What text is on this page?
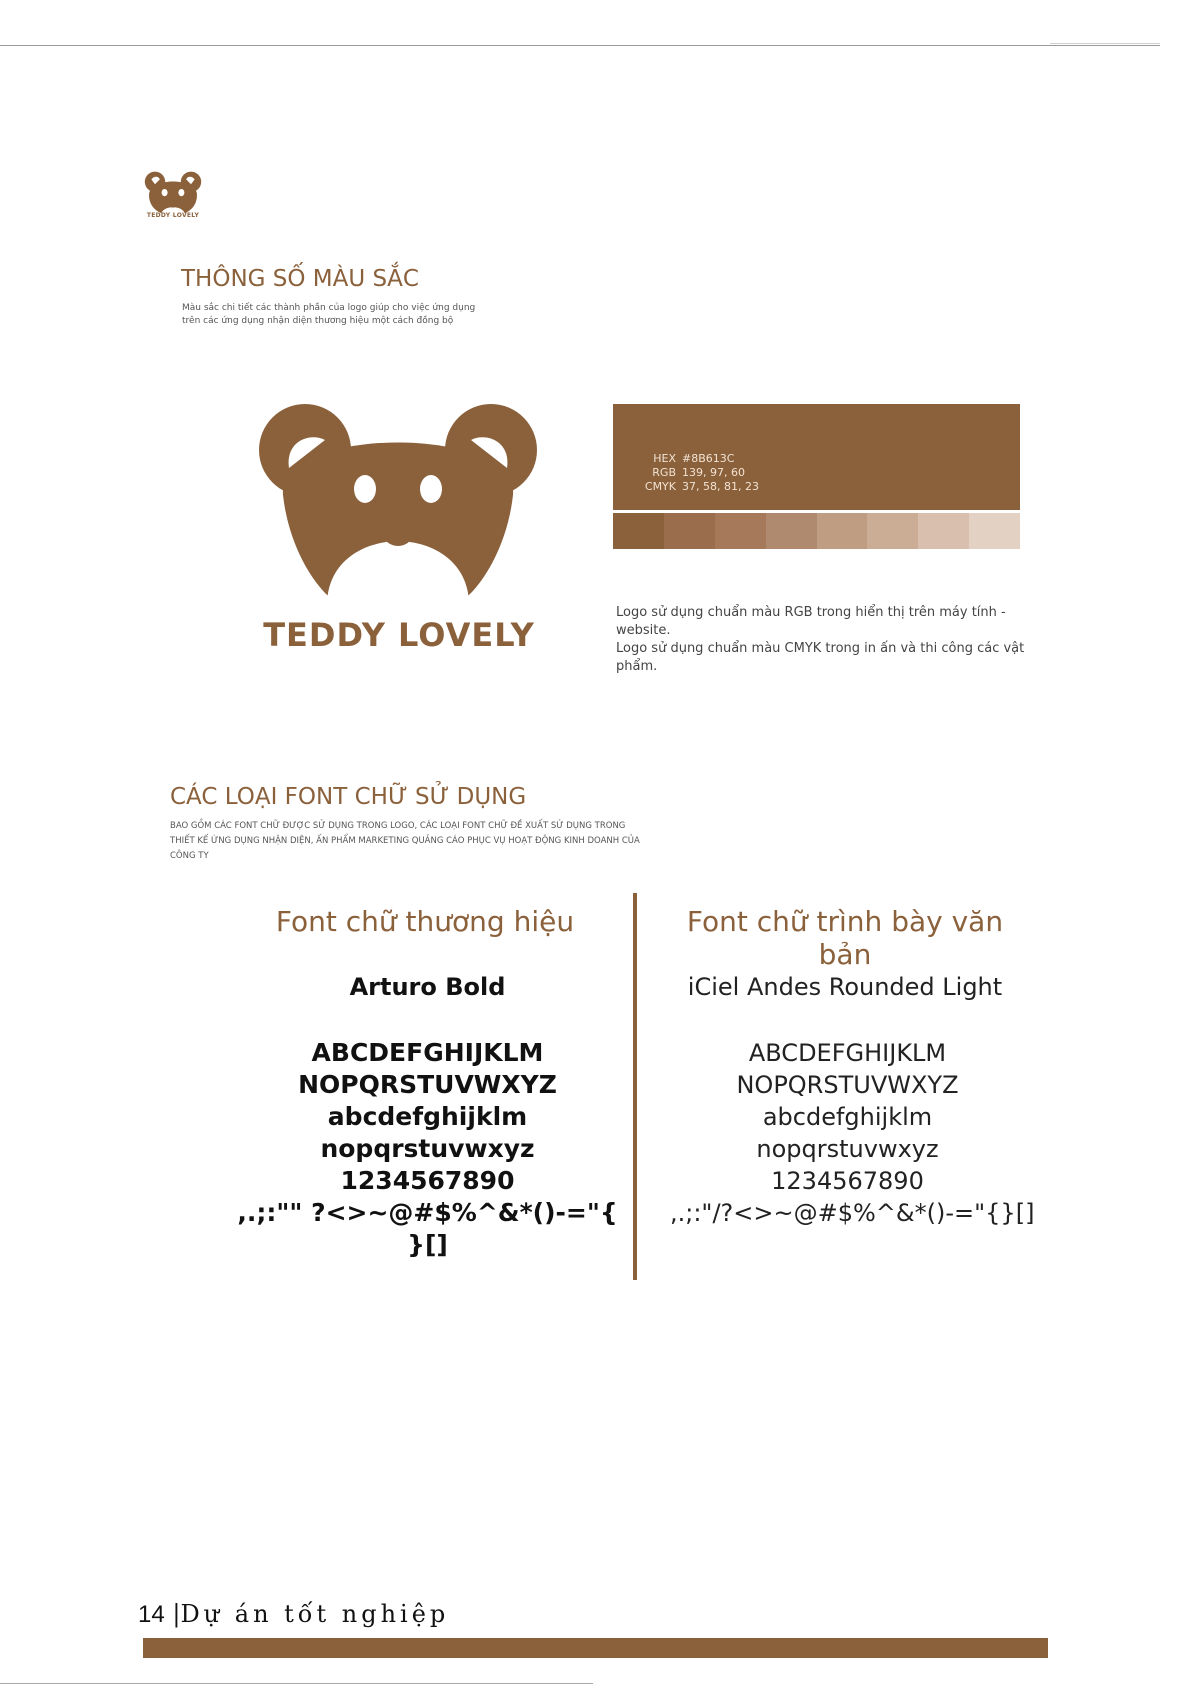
TEDDY LOVELY
THÔNG SỐ MÀU SẮC
Màu sắc chi tiết các thành phần của logo giúp cho việc ứng dụng trên các ứng dụng nhận diện thương hiệu một cách đồng bộ
TEDDY LOVELY
HEX #8B613C
RGB 139, 97, 60
CMYK 37, 58, 81, 23
Logo sử dụng chuẩn màu RGB trong hiển thị trên máy tính - website.
Logo sử dụng chuẩn màu CMYK trong in ấn và thi công các vật phẩm.
CÁC LOẠI FONT CHỮ SỬ DỤNG
BAO GỒM CÁC FONT CHỮ ĐƯỢC SỬ DỤNG TRONG LOGO, CÁC LOẠI FONT CHỮ ĐỀ XUẤT SỬ DỤNG TRONG THIẾT KẾ ỨNG DỤNG NHẬN DIỆN, ẤN PHẨM MARKETING QUẢNG CÁO PHỤC VỤ HOẠT ĐỘNG KINH DOANH CỦA CÔNG TY
Font chữ thương hiệu	Font chữ trình bày văn bản
Arturo Bold	iCiel Andes Rounded Light
ABCDEFGHIJKLM
NOPQRSTUVWXYZ
abcdefghijklm
nopqrstuvwxyz
1234567890
,.;:"" ?<>~@#$%^&*()-="{
}[]
ABCDEFGHIJKLM
NOPQRSTUVWXYZ
abcdefghijklm
nopqrstuvwxyz
1234567890
,.;:"/?<>~@#$%^&*()-="{}[]
14 |Dự án tốt nghiệp
